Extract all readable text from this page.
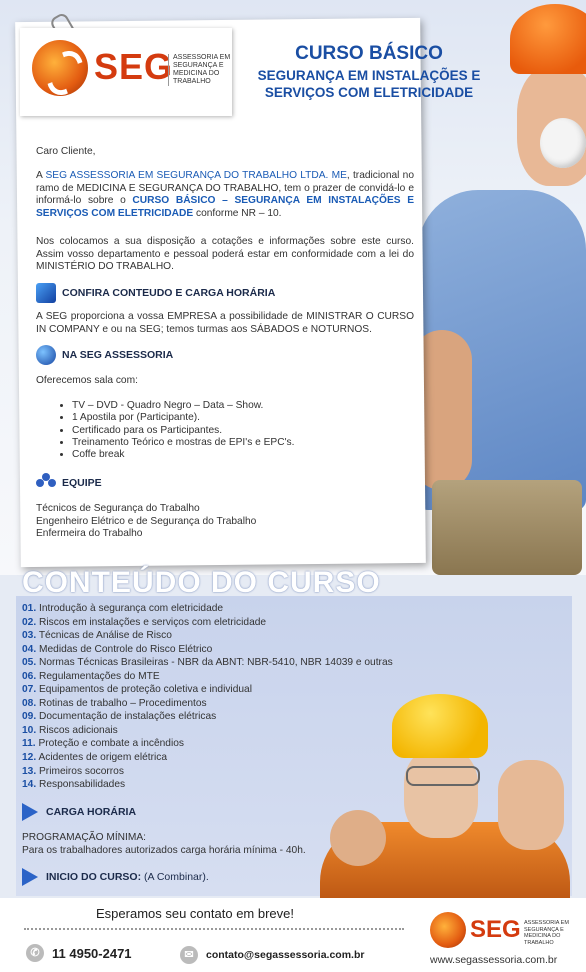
SEG ASSESSORIA EM SEGURANÇA E MEDICINA DO TRABALHO
CURSO BÁSICO
SEGURANÇA EM INSTALAÇÕES E
SERVIÇOS COM ELETRICIDADE
Caro Cliente,
A SEG ASSESSORIA EM SEGURANÇA DO TRABALHO LTDA. ME, tradicional no ramo de MEDICINA E SEGURANÇA DO TRABALHO, tem o prazer de convidá-lo e informá-lo sobre o CURSO BÁSICO – SEGURANÇA EM INSTALAÇÕES E SERVIÇOS COM ELETRICIDADE conforme NR – 10.
Nos colocamos a sua disposição a cotações e informações sobre este curso. Assim vosso departamento e pessoal poderá estar em conformidade com a lei do MINISTÉRIO DO TRABALHO.
CONFIRA CONTEUDO E CARGA HORÁRIA
A SEG proporciona a vossa EMPRESA a possibilidade de MINISTRAR O CURSO IN COMPANY e ou na SEG; temos turmas aos SÁBADOS e NOTURNOS.
NA SEG ASSESSORIA
Oferecemos sala com:
• TV – DVD - Quadro Negro – Data – Show.
• 1 Apostila por (Participante).
• Certificado para os Participantes.
• Treinamento Teórico e mostras de EPI's e EPC's.
• Coffe break
EQUIPE
Técnicos de Segurança do Trabalho
Engenheiro Elétrico e de Segurança do Trabalho
Enfermeira do Trabalho
CONTEÚDO DO CURSO
01. Introdução à segurança com eletricidade
02. Riscos em instalações e serviços com eletricidade
03. Técnicas de Análise de Risco
04. Medidas de Controle do Risco Elétrico
05. Normas Técnicas Brasileiras - NBR da ABNT: NBR-5410, NBR 14039 e outras
06. Regulamentações do MTE
07. Equipamentos de proteção coletiva e individual
08. Rotinas de trabalho – Procedimentos
09. Documentação de instalações elétricas
10. Riscos adicionais
11. Proteção e combate a incêndios
12. Acidentes de origem elétrica
13. Primeiros socorros
14. Responsabilidades
CARGA HORÁRIA
PROGRAMAÇÃO MÍNIMA:
Para os trabalhadores autorizados carga horária mínima - 40h.
INICIO DO CURSO:
(A Combinar).
Esperamos seu contato em breve!
✆ 11 4950-2471	✉	contato@segassessoria.com.br
SEG ASSESSORIA EM SEGURANÇA E MEDICINA DO TRABALHO
www.segassessoria.com.br
